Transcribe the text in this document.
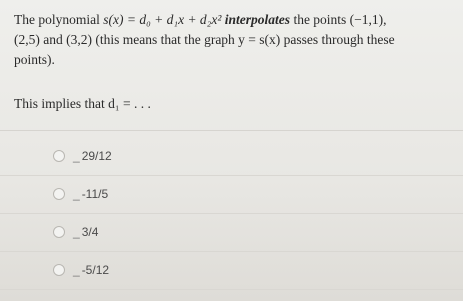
The polynomial s(x) = d₀ + d₁x + d₂x² interpolates the points (−1,1),
(2,5) and (3,2) (this means that the graph y = s(x) passes through these
points).
This implies that d₁ = . . .
_ 29/12
_ -11/5
_ 3/4
_ -5/12
